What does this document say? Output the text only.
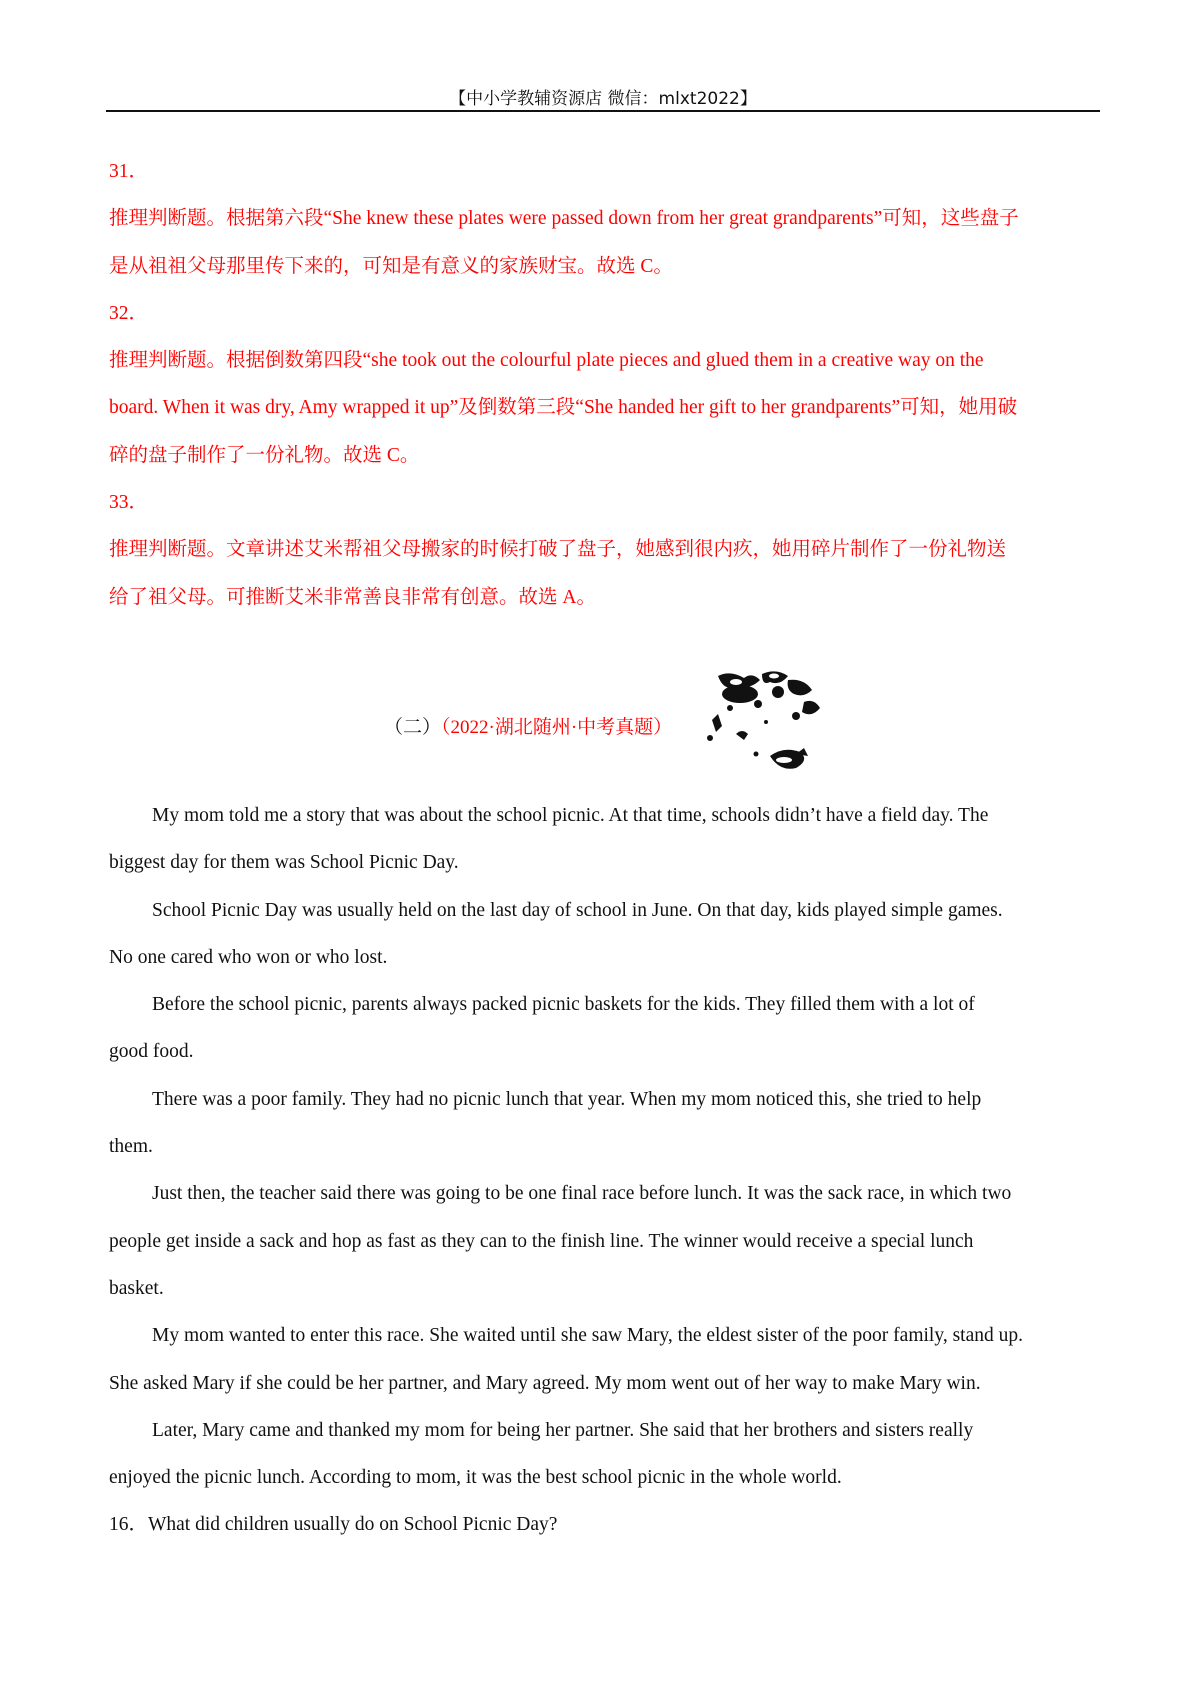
【中小学教辅资源店 微信：mlxt2022】
31．
推理判断题。根据第六段“She knew these plates were passed down from her great grandparents”可知，这些盘子
是从祖祖父母那里传下来的，可知是有意义的家族财宝。故选 C。
32．
推理判断题。根据倒数第四段“she took out the colourful plate pieces and glued them in a creative way on the
board. When it was dry, Amy wrapped it up”及倒数第三段“She handed her gift to her grandparents”可知，她用破
碎的盘子制作了一份礼物。故选 C。
33．
推理判断题。文章讲述艾米帮祖父母搬家的时候打破了盘子，她感到很内疚，她用碎片制作了一份礼物送
给了祖父母。可推断艾米非常善良非常有创意。故选 A。
（二）（2022·湖北随州·中考真题）
My mom told me a story that was about the school picnic. At that time, schools didn’t have a field day. The
biggest day for them was School Picnic Day.
School Picnic Day was usually held on the last day of school in June. On that day, kids played simple games.
No one cared who won or who lost.
Before the school picnic, parents always packed picnic baskets for the kids. They filled them with a lot of
good food.
There was a poor family. They had no picnic lunch that year. When my mom noticed this, she tried to help
them.
Just then, the teacher said there was going to be one final race before lunch. It was the sack race, in which two
people get inside a sack and hop as fast as they can to the finish line. The winner would receive a special lunch
basket.
My mom wanted to enter this race. She waited until she saw Mary, the eldest sister of the poor family, stand up.
She asked Mary if she could be her partner, and Mary agreed. My mom went out of her way to make Mary win.
Later, Mary came and thanked my mom for being her partner. She said that her brothers and sisters really
enjoyed the picnic lunch. According to mom, it was the best school picnic in the whole world.
16．What did children usually do on School Picnic Day?
